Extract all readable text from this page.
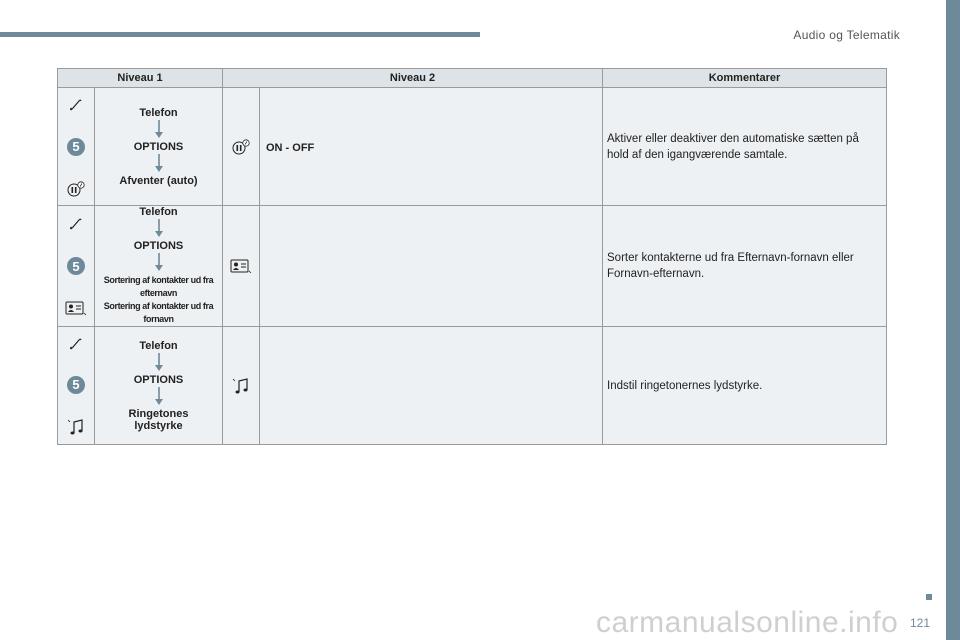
Audio og Telematik
Niveau 1		Niveau 2		Kommentarer

5	Telefon
OPTIONS
Afventer (auto)		ON - OFF	Aktiver eller deaktiver den automatiske sætten på hold af den igangværende samtale.

5	Telefon
OPTIONS
Sortering af kontakter ud fra
efternavn
Sortering af kontakter ud fra fornavn			Sorter kontakterne ud fra Efternavn-fornavn eller Fornavn-efternavn.

5	Telefon
OPTIONS
Ringetones lydstyrke			Indstil ringetonernes lydstyrke.
carmanualsonline.info 121
